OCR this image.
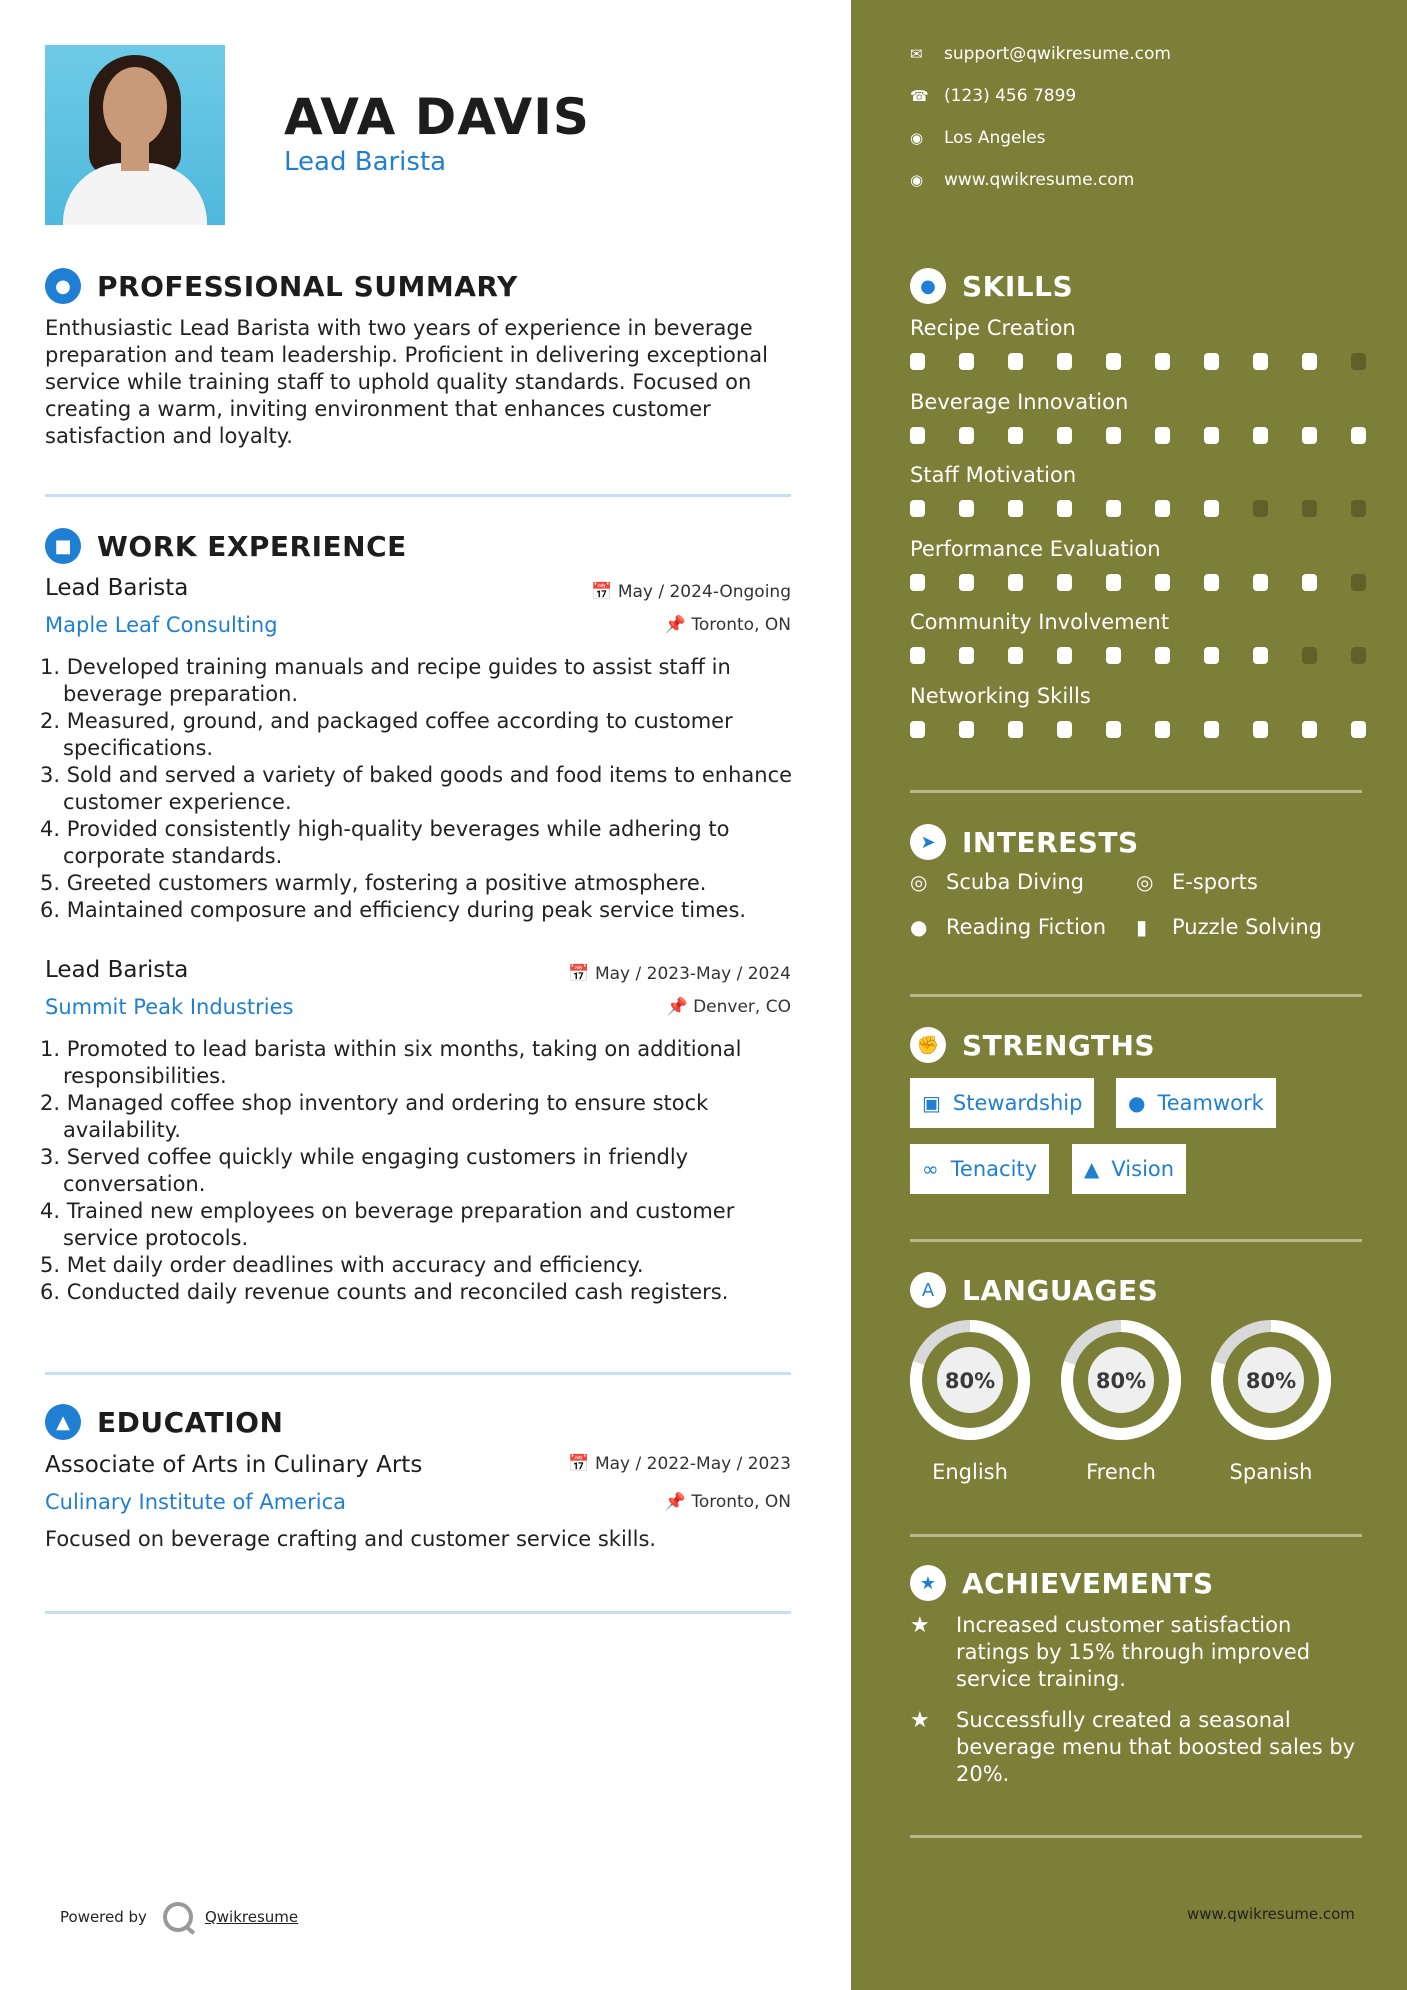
AVA DAVIS
Lead Barista
● PROFESSIONAL SUMMARY
Enthusiastic Lead Barista with two years of experience in beverage preparation and team leadership. Proficient in delivering exceptional service while training staff to uphold quality standards. Focused on creating a warm, inviting environment that enhances customer satisfaction and loyalty.
■ WORK EXPERIENCE
Lead Barista	📅 May / 2024-Ongoing
Maple Leaf Consulting	📌 Toronto, ON
1. Developed training manuals and recipe guides to assist staff in beverage preparation.
2. Measured, ground, and packaged coffee according to customer specifications.
3. Sold and served a variety of baked goods and food items to enhance customer experience.
4. Provided consistently high-quality beverages while adhering to corporate standards.
5. Greeted customers warmly, fostering a positive atmosphere.
6. Maintained composure and efficiency during peak service times.
Lead Barista	📅 May / 2023-May / 2024
Summit Peak Industries	📌 Denver, CO
1. Promoted to lead barista within six months, taking on additional responsibilities.
2. Managed coffee shop inventory and ordering to ensure stock availability.
3. Served coffee quickly while engaging customers in friendly conversation.
4. Trained new employees on beverage preparation and customer service protocols.
5. Met daily order deadlines with accuracy and efficiency.
6. Conducted daily revenue counts and reconciled cash registers.
▲ EDUCATION
Associate of Arts in Culinary Arts	📅 May / 2022-May / 2023
Culinary Institute of America	📌 Toronto, ON
Focused on beverage crafting and customer service skills.
Powered by	Qwikresume
✉	support@qwikresume.com
☎ (123) 456 7899
◉	Los Angeles
◉	www.qwikresume.com
● SKILLS
Recipe Creation
Beverage Innovation
Staff Motivation
Performance Evaluation
Community Involvement
Networking Skills
➤ INTERESTS
◎ Scuba Diving	◎ E-sports
● Reading Fiction ▮	Puzzle Solving
✊ STRENGTHS
▣ Stewardship ● Teamwork
∞ Tenacity ▲ Vision
A LANGUAGES
80%
English
80%
French
80%
Spanish
★ ACHIEVEMENTS
★	Increased customer satisfaction ratings by 15% through improved service training.
★	Successfully created a seasonal beverage menu that boosted sales by 20%.
www.qwikresume.com
